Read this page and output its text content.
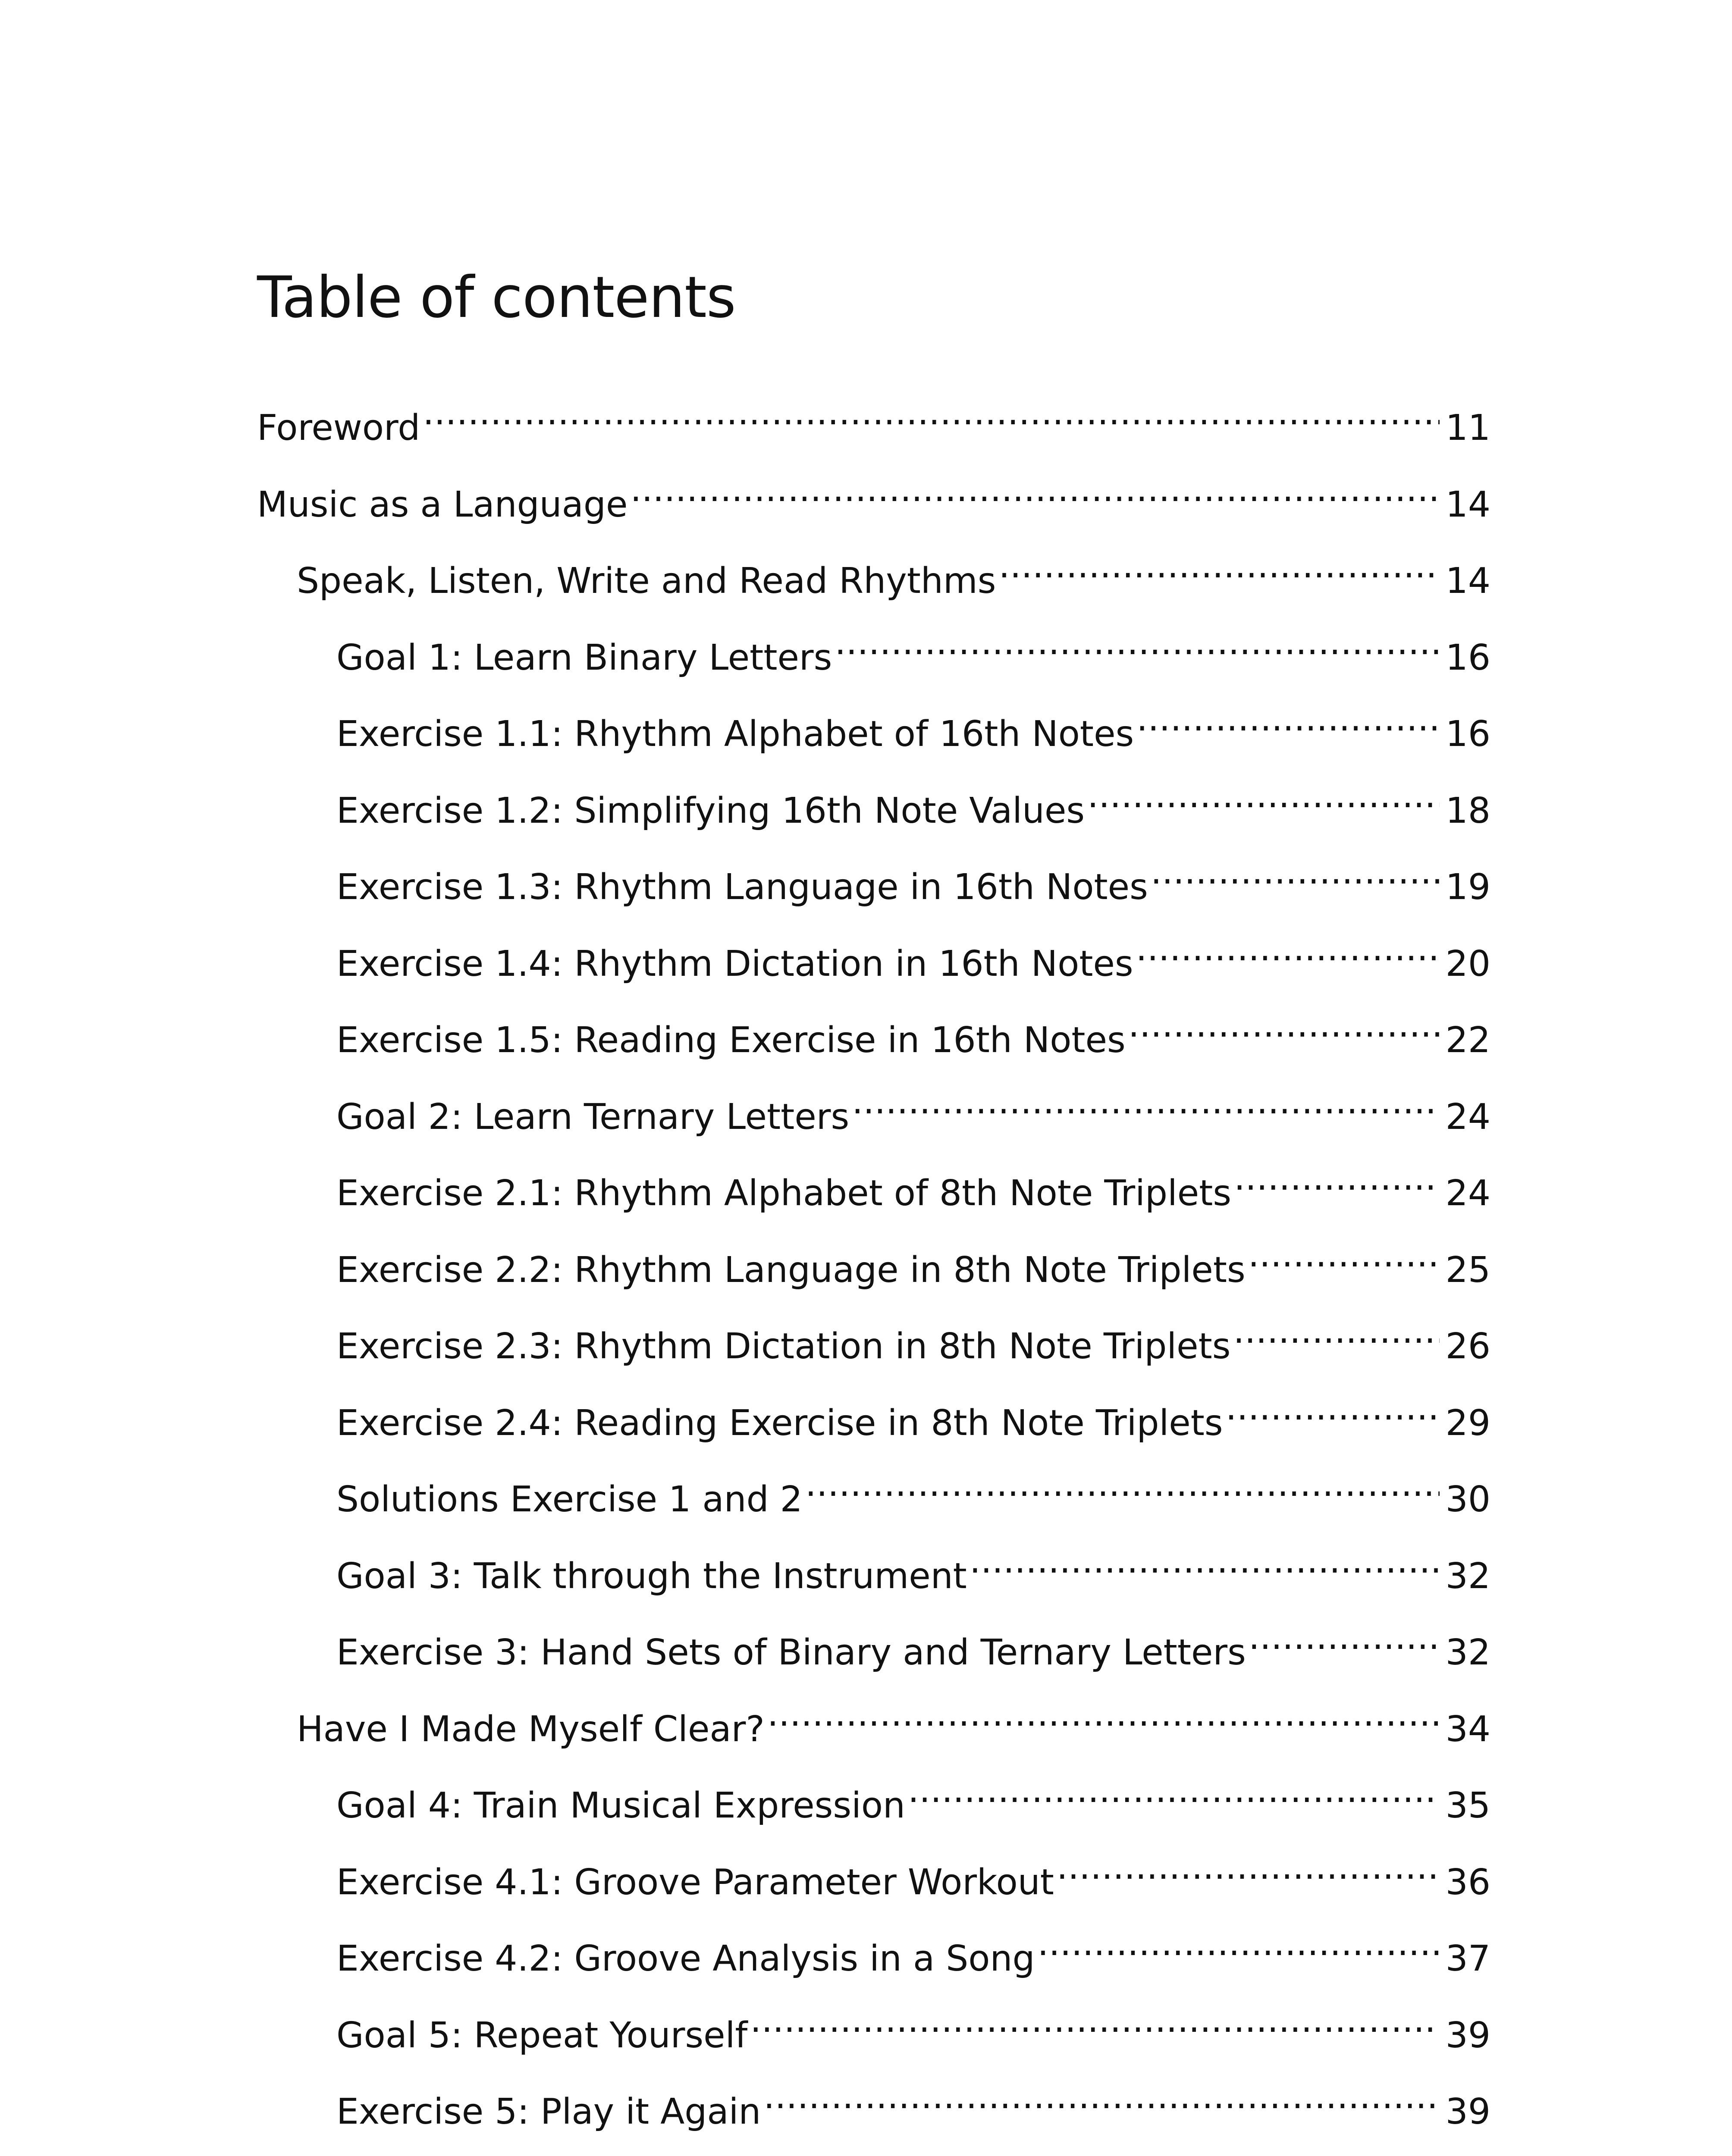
Table of contents
Foreword .....	11
Music as a Language .....	14
Speak, Listen, Write and Read Rhythms .....	14
Goal 1: Learn Binary Letters .....	16
Exercise 1.1: Rhythm Alphabet of 16th Notes .....	16
Exercise 1.2: Simplifying 16th Note Values .....	18
Exercise 1.3: Rhythm Language in 16th Notes .....	19
Exercise 1.4: Rhythm Dictation in 16th Notes .....	20
Exercise 1.5: Reading Exercise in 16th Notes .....	22
Goal 2: Learn Ternary Letters .....	24
Exercise 2.1: Rhythm Alphabet of 8th Note Triplets .....	24
Exercise 2.2: Rhythm Language in 8th Note Triplets .....	25
Exercise 2.3: Rhythm Dictation in 8th Note Triplets .....	26
Exercise 2.4: Reading Exercise in 8th Note Triplets .....	29
Solutions Exercise 1 and 2 .....	30
Goal 3: Talk through the Instrument .....	32
Exercise 3: Hand Sets of Binary and Ternary Letters .....	32
Have I Made Myself Clear? .....	34
Goal 4: Train Musical Expression .....	35
Exercise 4.1: Groove Parameter Workout .....	36
Exercise 4.2: Groove Analysis in a Song .....	37
Goal 5: Repeat Yourself .....	39
Exercise 5: Play it Again .....	39
.....
